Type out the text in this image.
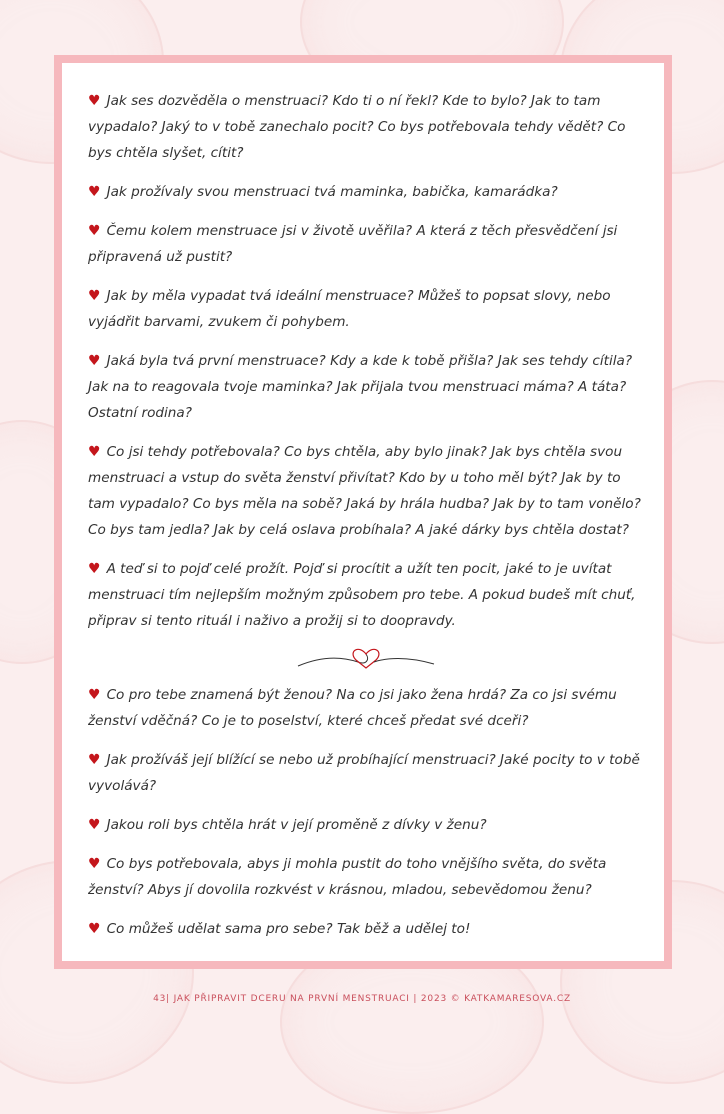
♥ Jak ses dozvěděla o menstruaci? Kdo ti o ní řekl? Kde to bylo? Jak to tam vypadalo? Jaký to v tobě zanechalo pocit? Co bys potřebovala tehdy vědět? Co bys chtěla slyšet, cítit?

♥ Jak prožívaly svou menstruaci tvá maminka, babička, kamarádka?

♥ Čemu kolem menstruace jsi v životě uvěřila? A která z těch přesvědčení jsi připravená už pustit?

♥ Jak by měla vypadat tvá ideální menstruace? Můžeš to popsat slovy, nebo vyjádřit barvami, zvukem či pohybem.

♥ Jaká byla tvá první menstruace? Kdy a kde k tobě přišla? Jak ses tehdy cítila? Jak na to reagovala tvoje maminka? Jak přijala tvou menstruaci máma? A táta? Ostatní rodina?

♥ Co jsi tehdy potřebovala? Co bys chtěla, aby bylo jinak? Jak bys chtěla svou menstruaci a vstup do světa ženství přivítat? Kdo by u toho měl být? Jak by to tam vypadalo? Co bys měla na sobě? Jaká by hrála hudba? Jak by to tam vonělo? Co bys tam jedla? Jak by celá oslava probíhala? A jaké dárky bys chtěla dostat?

♥ A teď si to pojď celé prožít. Pojď si procítit a užít ten pocit, jaké to je uvítat menstruaci tím nejlepším možným způsobem pro tebe. A pokud budeš mít chuť, připrav si tento rituál i naživo a prožij si to doopravdy.

♥ Co pro tebe znamená být ženou? Na co jsi jako žena hrdá? Za co jsi svému ženství vděčná? Co je to poselství, které chceš předat své dceři?

♥ Jak prožíváš její blížící se nebo už probíhající menstruaci? Jaké pocity to v tobě vyvolává?

♥ Jakou roli bys chtěla hrát v její proměně z dívky v ženu?

♥ Co bys potřebovala, abys ji mohla pustit do toho vnějšího světa, do světa ženství? Abys jí dovolila rozkvést v krásnou, mladou, sebevědomou ženu?

♥ Co můžeš udělat sama pro sebe? Tak běž a udělej to!

43| JAK PŘIPRAVIT DCERU NA PRVNÍ MENSTRUACI | 2023 © KATKAMARESOVA.CZ
